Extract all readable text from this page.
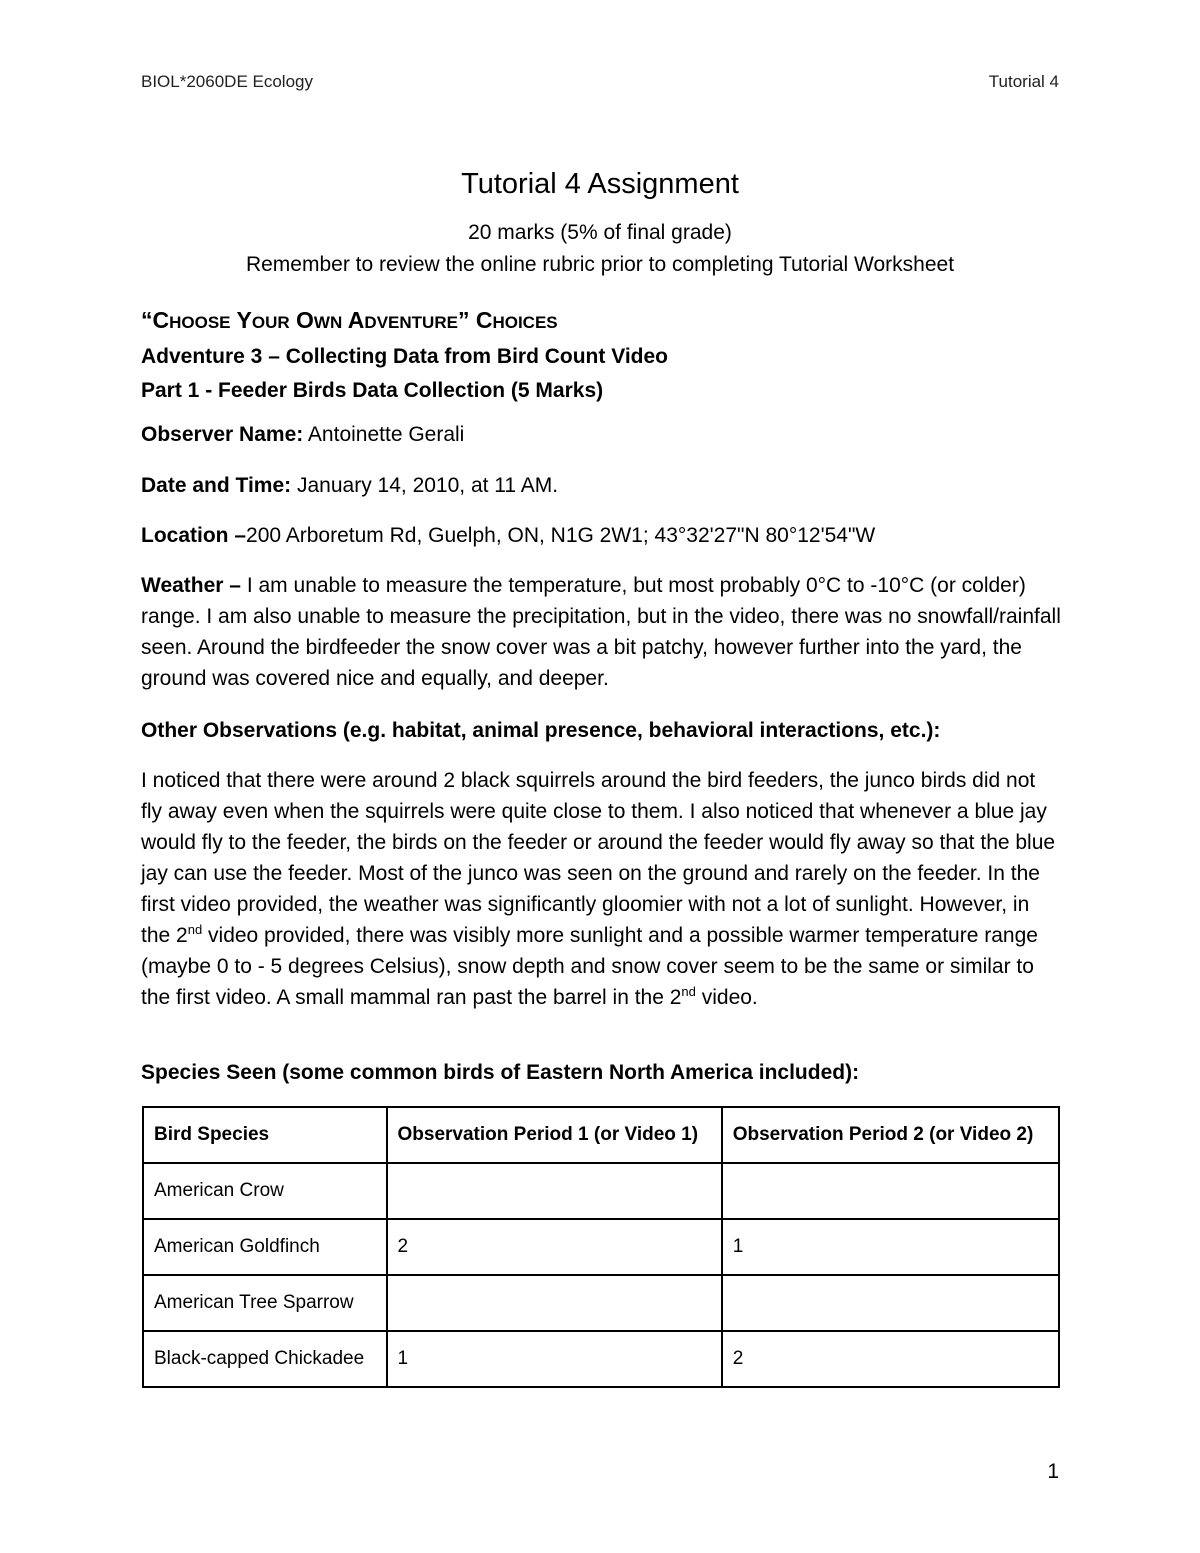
BIOL*2060DE Ecology	Tutorial 4
Tutorial 4 Assignment
20 marks (5% of final grade)
Remember to review the online rubric prior to completing Tutorial Worksheet
“CHOOSE YOUR OWN ADVENTURE” CHOICES
Adventure 3 – Collecting Data from Bird Count Video
Part 1 - Feeder Birds Data Collection (5 Marks)
Observer Name: Antoinette Gerali
Date and Time: January 14, 2010, at 11 AM.
Location –200 Arboretum Rd, Guelph, ON, N1G 2W1; 43°32'27"N 80°12'54"W
Weather – I am unable to measure the temperature, but most probably 0°C to -10°C (or colder) range. I am also unable to measure the precipitation, but in the video, there was no snowfall/rainfall seen. Around the birdfeeder the snow cover was a bit patchy, however further into the yard, the ground was covered nice and equally, and deeper.
Other Observations (e.g. habitat, animal presence, behavioral interactions, etc.):
I noticed that there were around 2 black squirrels around the bird feeders, the junco birds did not fly away even when the squirrels were quite close to them. I also noticed that whenever a blue jay would fly to the feeder, the birds on the feeder or around the feeder would fly away so that the blue jay can use the feeder. Most of the junco was seen on the ground and rarely on the feeder. In the first video provided, the weather was significantly gloomier with not a lot of sunlight. However, in the 2nd video provided, there was visibly more sunlight and a possible warmer temperature range (maybe 0 to - 5 degrees Celsius), snow depth and snow cover seem to be the same or similar to the first video. A small mammal ran past the barrel in the 2nd video.
Species Seen (some common birds of Eastern North America included):
Bird Species	Observation Period 1 (or Video 1)	Observation Period 2 (or Video 2)
American Crow		
American Goldfinch	2	1
American Tree Sparrow		
Black-capped Chickadee	1	2
1
